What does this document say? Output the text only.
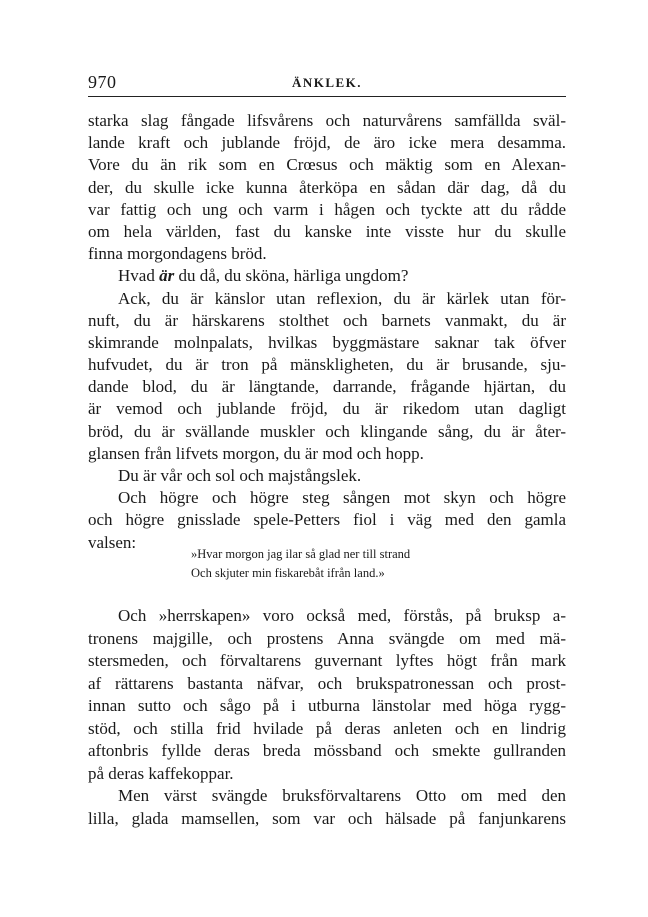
970	ÄNKLEK.
starka slag fångade lifsvårens och naturvårens samfällda sväl-
lande kraft och jublande fröjd, de äro icke mera desamma.
Vore du än rik som en Crœsus och mäktig som en Alexan-
der, du skulle icke kunna återköpa en sådan där dag, då du
var fattig och ung och varm i hågen och tyckte att du rådde
om hela världen, fast du kanske inte visste hur du skulle
finna morgondagens bröd.
Hvad är du då, du sköna, härliga ungdom?
Ack, du är känslor utan reflexion, du är kärlek utan för-
nuft, du är härskarens stolthet och barnets vanmakt, du är
skimrande molnpalats, hvilkas byggmästare saknar tak öfver
hufvudet, du är tron på mänskligheten, du är brusande, sju-
dande blod, du är längtande, darrande, frågande hjärtan, du
är vemod och jublande fröjd, du är rikedom utan dagligt
bröd, du är svällande muskler och klingande sång, du är åter-
glansen från lifvets morgon, du är mod och hopp.
Du är vår och sol och majstångslek.
Och högre och högre steg sången mot skyn och högre
och högre gnisslade spele-Petters fiol i väg med den gamla
valsen:
»Hvar morgon jag ilar så glad ner till strand
Och skjuter min fiskarebåt ifrån land.»
Och »herrskapen» voro också med, förstås, på bruksp a-
tronens majgille, och prostens Anna svängde om med mä-
stersmeden, och förvaltarens guvernant lyftes högt från mark
af rättarens bastanta näfvar, och brukspatronessan och prost-
innan sutto och sågo på i utburna länstolar med höga rygg-
stöd, och stilla frid hvilade på deras anleten och en lindrig
aftonbris fyllde deras breda mössband och smekte gullranden
på deras kaffekoppar.
Men värst svängde bruksförvaltarens Otto om med den
lilla, glada mamsellen, som var och hälsade på fanjunkarens
